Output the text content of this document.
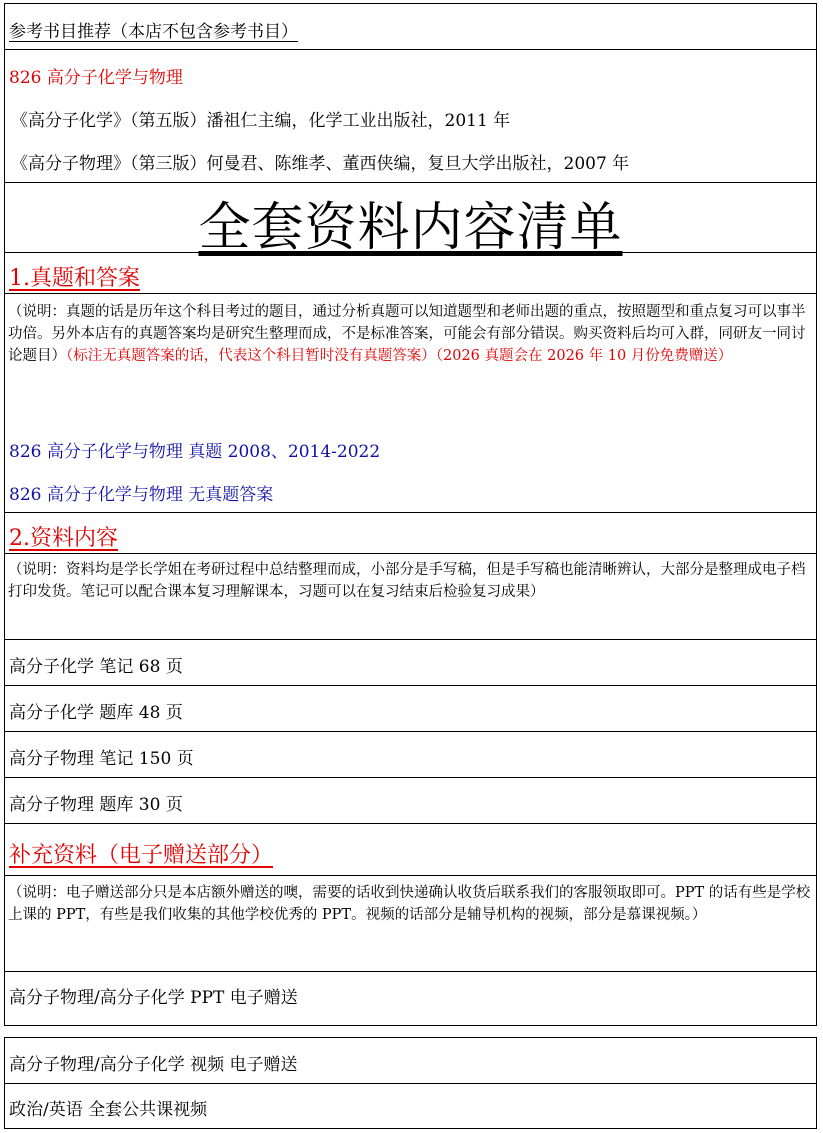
参考书目推荐（本店不包含参考书目）
826 高分子化学与物理
《高分子化学》（第五版）潘祖仁主编，化学工业出版社，2011 年
《高分子物理》（第三版）何曼君、陈维孝、董西侠编，复旦大学出版社，2007 年
全套资料内容清单
1.真题和答案
（说明：真题的话是历年这个科目考过的题目，通过分析真题可以知道题型和老师出题的重点，按照题型和重点复习可以事半功倍。另外本店有的真题答案均是研究生整理而成，不是标准答案，可能会有部分错误。购买资料后均可入群，同研友一同讨论题目）（标注无真题答案的话，代表这个科目暂时没有真题答案）（2026 真题会在 2026 年 10 月份免费赠送）
826 高分子化学与物理 真题 2008、2014-2022
826 高分子化学与物理 无真题答案
2.资料内容
（说明：资料均是学长学姐在考研过程中总结整理而成，小部分是手写稿，但是手写稿也能清晰辨认，大部分是整理成电子档打印发货。笔记可以配合课本复习理解课本，习题可以在复习结束后检验复习成果）
高分子化学 笔记 68 页
高分子化学 题库 48 页
高分子物理 笔记 150 页
高分子物理 题库 30 页
补充资料（电子赠送部分）
（说明：电子赠送部分只是本店额外赠送的噢，需要的话收到快递确认收货后联系我们的客服领取即可。PPT 的话有些是学校上课的 PPT，有些是我们收集的其他学校优秀的 PPT。视频的话部分是辅导机构的视频，部分是慕课视频。）
高分子物理/高分子化学 PPT 电子赠送
高分子物理/高分子化学 视频 电子赠送
政治/英语 全套公共课视频
